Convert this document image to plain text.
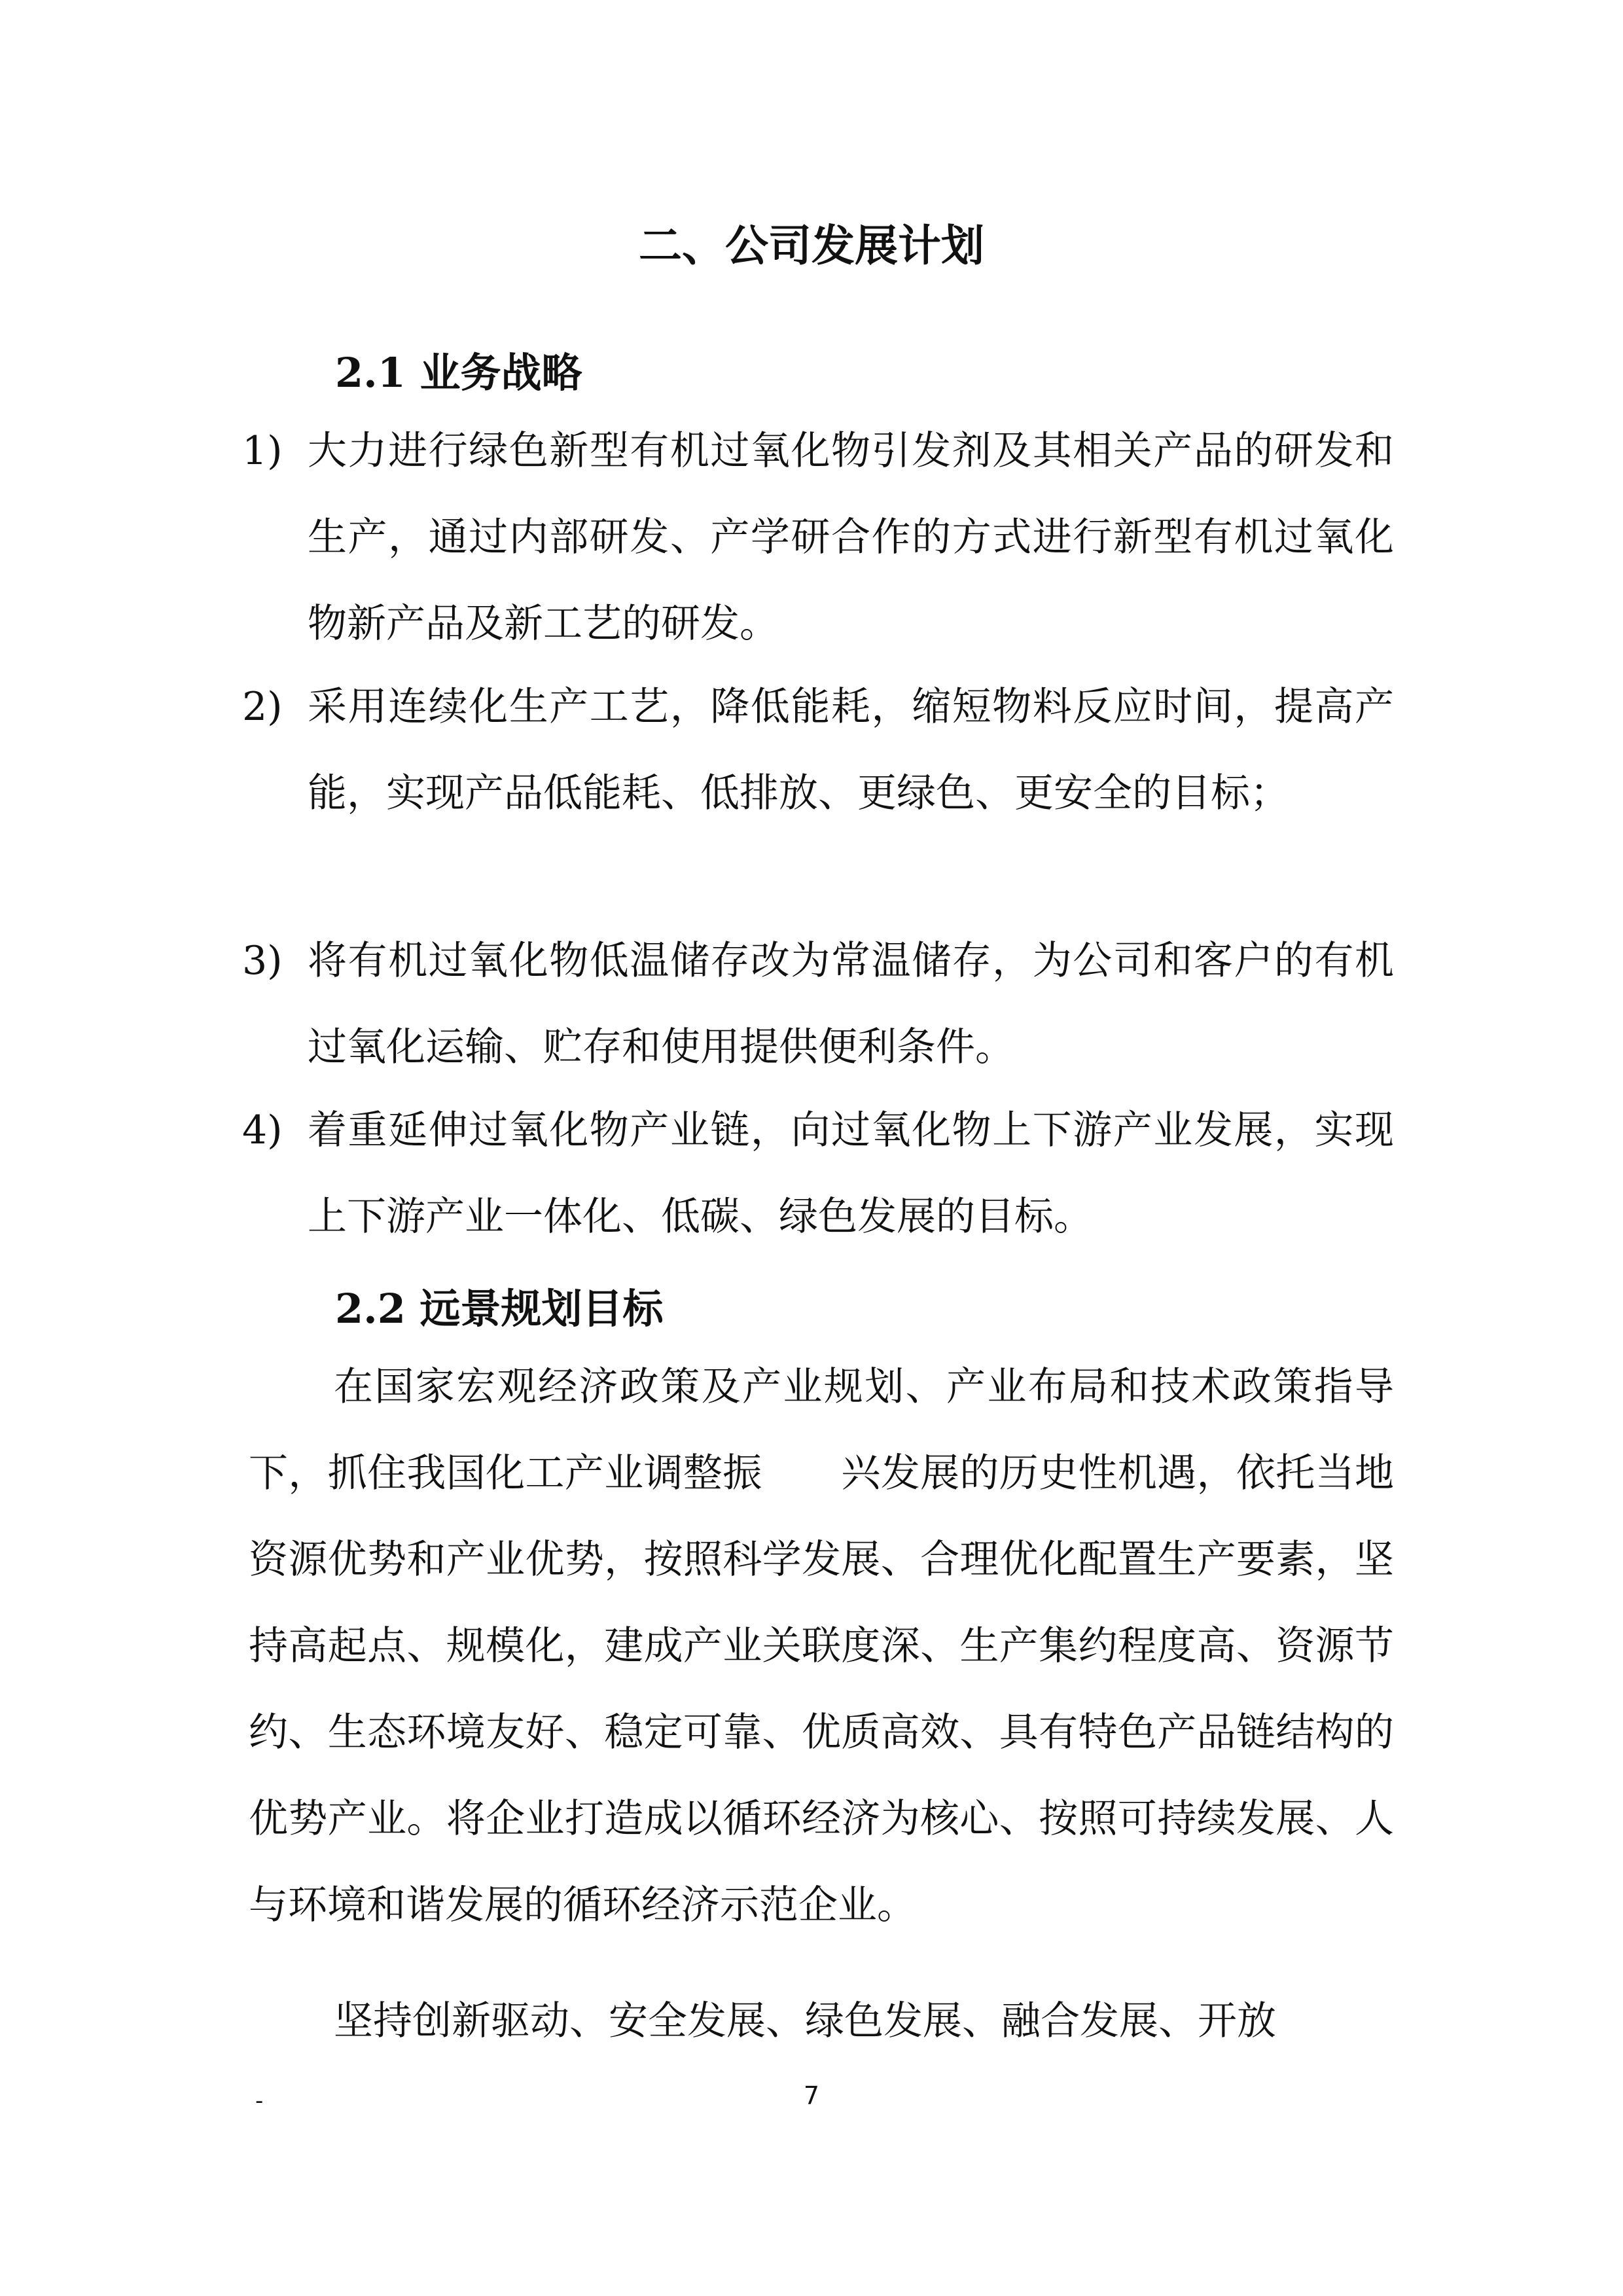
二、公司发展计划
2.1 业务战略
1) 大力进行绿色新型有机过氧化物引发剂及其相关产品的研发和生产，通过内部研发、产学研合作的方式进行新型有机过氧化物新产品及新工艺的研发。
2) 采用连续化生产工艺，降低能耗，缩短物料反应时间，提高产能，实现产品低能耗、低排放、更绿色、更安全的目标；
3) 将有机过氧化物低温储存改为常温储存，为公司和客户的有机过氧化运输、贮存和使用提供便利条件。
4) 着重延伸过氧化物产业链，向过氧化物上下游产业发展，实现上下游产业一体化、低碳、绿色发展的目标。
2.2 远景规划目标

在国家宏观经济政策及产业规划、产业布局和技术政策指导下，抓住我国化工产业调整振　　兴发展的历史性机遇，依托当地资源优势和产业优势，按照科学发展、合理优化配置生产要素，坚持高起点、规模化，建成产业关联度深、生产集约程度高、资源节约、生态环境友好、稳定可靠、优质高效、具有特色产品链结构的优势产业。将企业打造成以循环经济为核心、按照可持续发展、人与环境和谐发展的循环经济示范企业。

坚持创新驱动、安全发展、绿色发展、融合发展、开放

-	7
